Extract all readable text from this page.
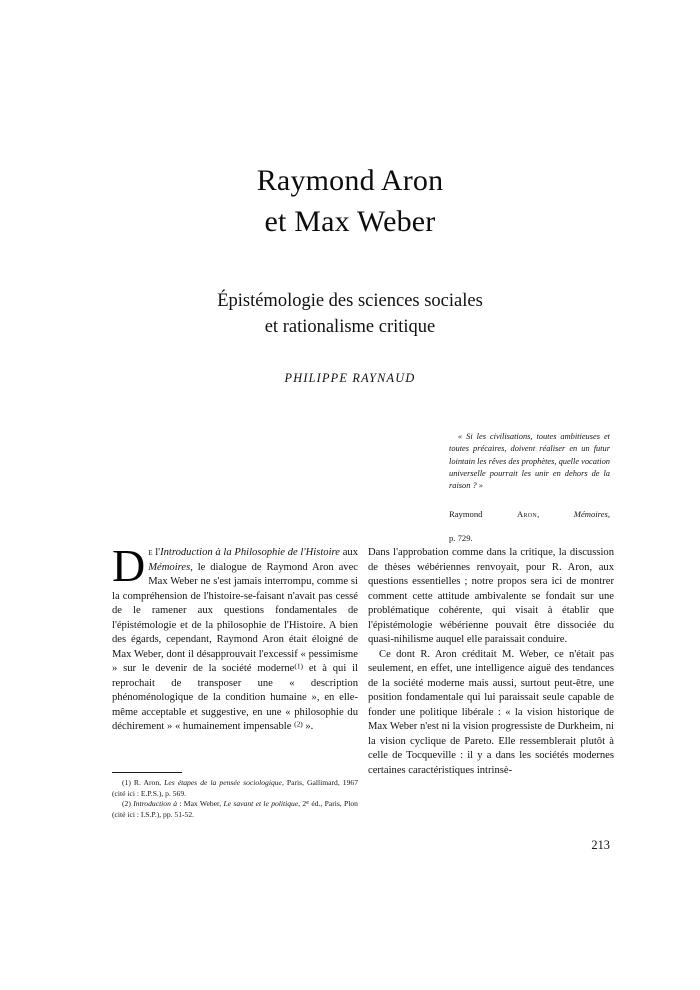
Raymond Aron
et Max Weber
Épistémologie des sciences sociales
et rationalisme critique

PHILIPPE RAYNAUD

« Si les civilisations, toutes ambitieuses et toutes précaires, doivent réaliser en un futur lointain les rêves des prophètes, quelle vocation universelle pourrait les unir en dehors de la raison ? »
Raymond	Aron,	Mémoires,
p. 729.

De l'Introduction à la Philosophie de l'Histoire aux Mémoires, le dialogue de Raymond Aron avec Max Weber ne s'est jamais interrompu, comme si la compréhension de l'histoire-se-faisant n'avait pas cessé de le ramener aux questions fondamentales de l'épistémologie et de la philosophie de l'Histoire. A bien des égards, cependant, Raymond Aron était éloigné de Max Weber, dont il désapprouvait l'excessif « pessimisme » sur le devenir de la société moderne$^{(1)}$ et à qui il reprochait de transposer une « description phénoménologique de la condition humaine », en elle-même acceptable et suggestive, en une « philosophie du déchirement » « humainement impensable $^{(2)}$ ».

Dans l'approbation comme dans la critique, la discussion de thèses wébériennes renvoyait, pour R. Aron, aux questions essentielles ; notre propos sera ici de montrer comment cette attitude ambivalente se fondait sur une problématique cohérente, qui visait à établir que l'épistémologie wébérienne pouvait être dissociée du quasi-nihilisme auquel elle paraissait conduire.

Ce dont R. Aron créditait M. Weber, ce n'était pas seulement, en effet, une intelligence aiguë des tendances de la société moderne mais aussi, surtout peut-être, une position fondamentale qui lui paraissait seule capable de fonder une politique libérale : « la vision historique de Max Weber n'est ni la vision progressiste de Durkheim, ni la vision cyclique de Pareto. Elle ressemblerait plutôt à celle de Tocqueville : il y a dans les sociétés modernes certaines caractéristiques intrinsè-

(1) R. Aron, Les étapes de la pensée sociologique, Paris, Gallimard, 1967 (cité ici : E.P.S.), p. 569.

(2) Introduction à : Max Weber, Le savant et le politique, 2e éd., Paris, Plon (cité ici : I.S.P.), pp. 51-52.

213
